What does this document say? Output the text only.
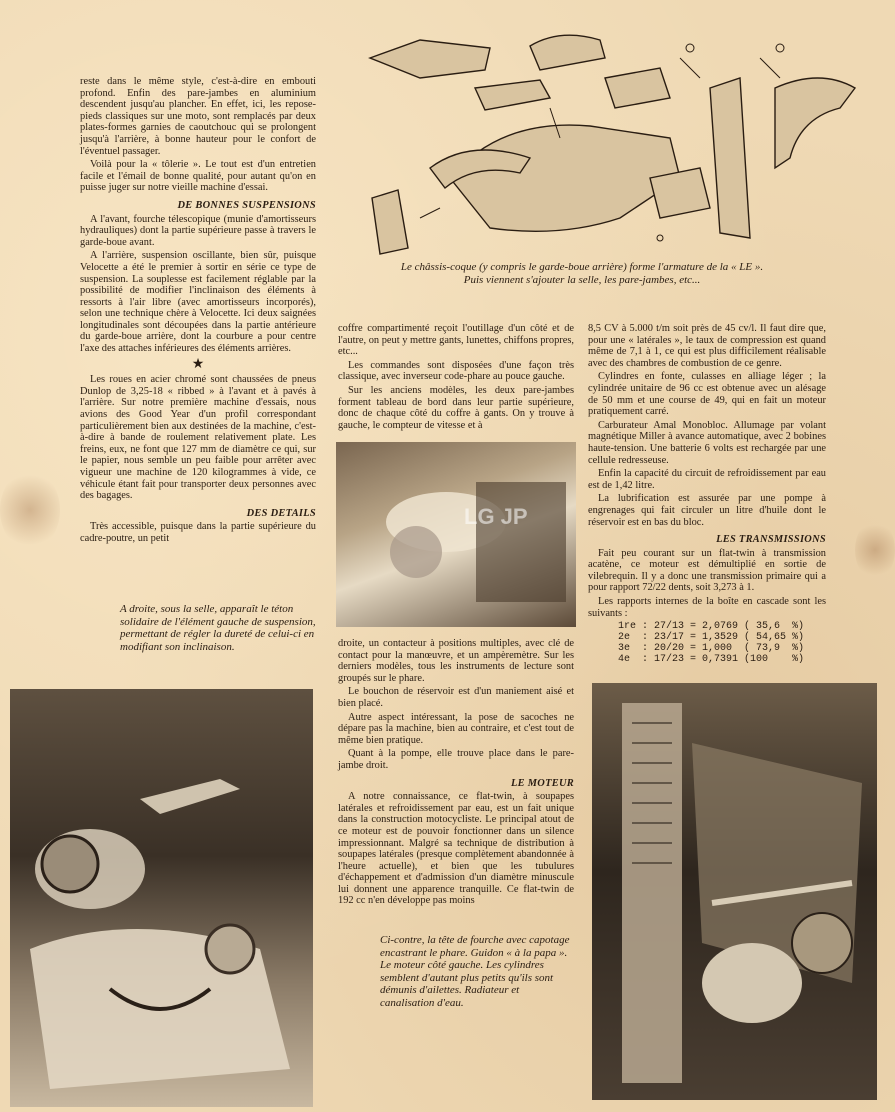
reste dans le même style, c'est-à-dire en embouti profond. Enfin des pare-jambes en aluminium descendent jusqu'au plancher. En effet, ici, les repose-pieds classiques sur une moto, sont remplacés par deux plates-formes garnies de caoutchouc qui se prolongent jusqu'à l'arrière, à bonne hauteur pour le confort de l'éventuel passager.

Voilà pour la « tôlerie ». Le tout est d'un entretien facile et l'émail de bonne qualité, pour autant qu'on en puisse juger sur notre vieille machine d'essai.

DE BONNES SUSPENSIONS

A l'avant, fourche télescopique (munie d'amortisseurs hydrauliques) dont la partie supérieure passe à travers le garde-boue avant.

A l'arrière, suspension oscillante, bien sûr, puisque Velocette a été le premier à sortir en série ce type de suspension. La souplesse est facilement réglable par la possibilité de modifier l'inclinaison des éléments à ressorts à l'air libre (avec amortisseurs incorporés), selon une technique chère à Velocette. Ici deux saignées longitudinales sont découpées dans la partie antérieure du garde-boue arrière, dont la courbure a pour centre l'axe des attaches inférieures des éléments arrières.

★

Les roues en acier chromé sont chaussées de pneus Dunlop de 3,25-18 « ribbed » à l'avant et à pavés à l'arrière. Sur notre première machine d'essais, nous avions des Good Year d'un profil correspondant particulièrement bien aux destinées de la machine, c'est-à-dire à bande de roulement relativement plate. Les freins, eux, ne font que 127 mm de diamètre ce qui, sur le papier, nous semble un peu faible pour arrêter avec vigueur une machine de 120 kilogrammes à vide, ce véhicule étant fait pour transporter deux personnes avec des bagages.

DES DETAILS

Très accessible, puisque dans la partie supérieure du cadre-poutre, un petit

A droite, sous la selle, apparaît le téton solidaire de l'élément gauche de suspension, permettant de régler la dureté de celui-ci en modifiant son inclinaison.
Le châssis-coque (y compris le garde-boue arrière) forme l'armature de la « LE ». Puis viennent s'ajouter la selle, les pare-jambes, etc...

coffre compartimenté reçoit l'outillage d'un côté et de l'autre, on peut y mettre gants, lunettes, chiffons propres, etc...

Les commandes sont disposées d'une façon très classique, avec inverseur code-phare au pouce gauche.

Sur les anciens modèles, les deux pare-jambes forment tableau de bord dans leur partie supérieure, donc de chaque côté du coffre à gants. On y trouve à gauche, le compteur de vitesse et à

LG JP

droite, un contacteur à positions multiples, avec clé de contact pour la manœuvre, et un ampèremètre. Sur les derniers modèles, tous les instruments de lecture sont groupés sur le phare.

Le bouchon de réservoir est d'un maniement aisé et bien placé.

Autre aspect intéressant, la pose de sacoches ne dépare pas la machine, bien au contraire, et c'est tout de même bien pratique.

Quant à la pompe, elle trouve place dans le pare-jambe droit.

LE MOTEUR

A notre connaissance, ce flat-twin, à soupapes latérales et refroidissement par eau, est un fait unique dans la construction motocycliste. Le principal atout de ce moteur est de pouvoir fonctionner dans un silence impressionnant. Malgré sa technique de distribution à soupapes latérales (presque complètement abandonnée à l'heure actuelle), et bien que les tubulures d'échappement et d'admission d'un diamètre minuscule lui donnent une apparence tranquille. Ce flat-twin de 192 cc n'en développe pas moins

Ci-contre, la tête de fourche avec capotage encastrant le phare. Guidon « à la papa ». Le moteur côté gauche. Les cylindres semblent d'autant plus petits qu'ils sont démunis d'ailettes. Radiateur et canalisation d'eau.

8,5 CV à 5.000 t/m soit près de 45 cv/l. Il faut dire que, pour une « latérales », le taux de compression est quand même de 7,1 à 1, ce qui est plus difficilement réalisable avec des chambres de combustion de ce genre.

Cylindres en fonte, culasses en alliage léger ; la cylindrée unitaire de 96 cc est obtenue avec un alésage de 50 mm et une course de 49, qui en fait un moteur pratiquement carré.

Carburateur Amal Monobloc. Allumage par volant magnétique Miller à avance automatique, avec 2 bobines haute-tension. Une batterie 6 volts est rechargée par une cellule redresseuse.

Enfin la capacité du circuit de refroidissement par eau est de 1,42 litre.

La lubrification est assurée par une pompe à engrenages qui fait circuler un litre d'huile dont le réservoir est en bas du bloc.

LES TRANSMISSIONS

Fait peu courant sur un flat-twin à transmission acatène, ce moteur est démultiplié en sortie de vilebrequin. Il y a donc une transmission primaire qui a pour rapport 72/22 dents, soit 3,273 à 1.

Les rapports internes de la boîte en cascade sont les suivants :

1re : 27/13 = 2,0769 ( 35,6  %)
2e  : 23/17 = 1,3529 ( 54,65 %)
3e  : 20/20 = 1,000  ( 73,9  %)
4e  : 17/23 = 0,7391 (100    %)
